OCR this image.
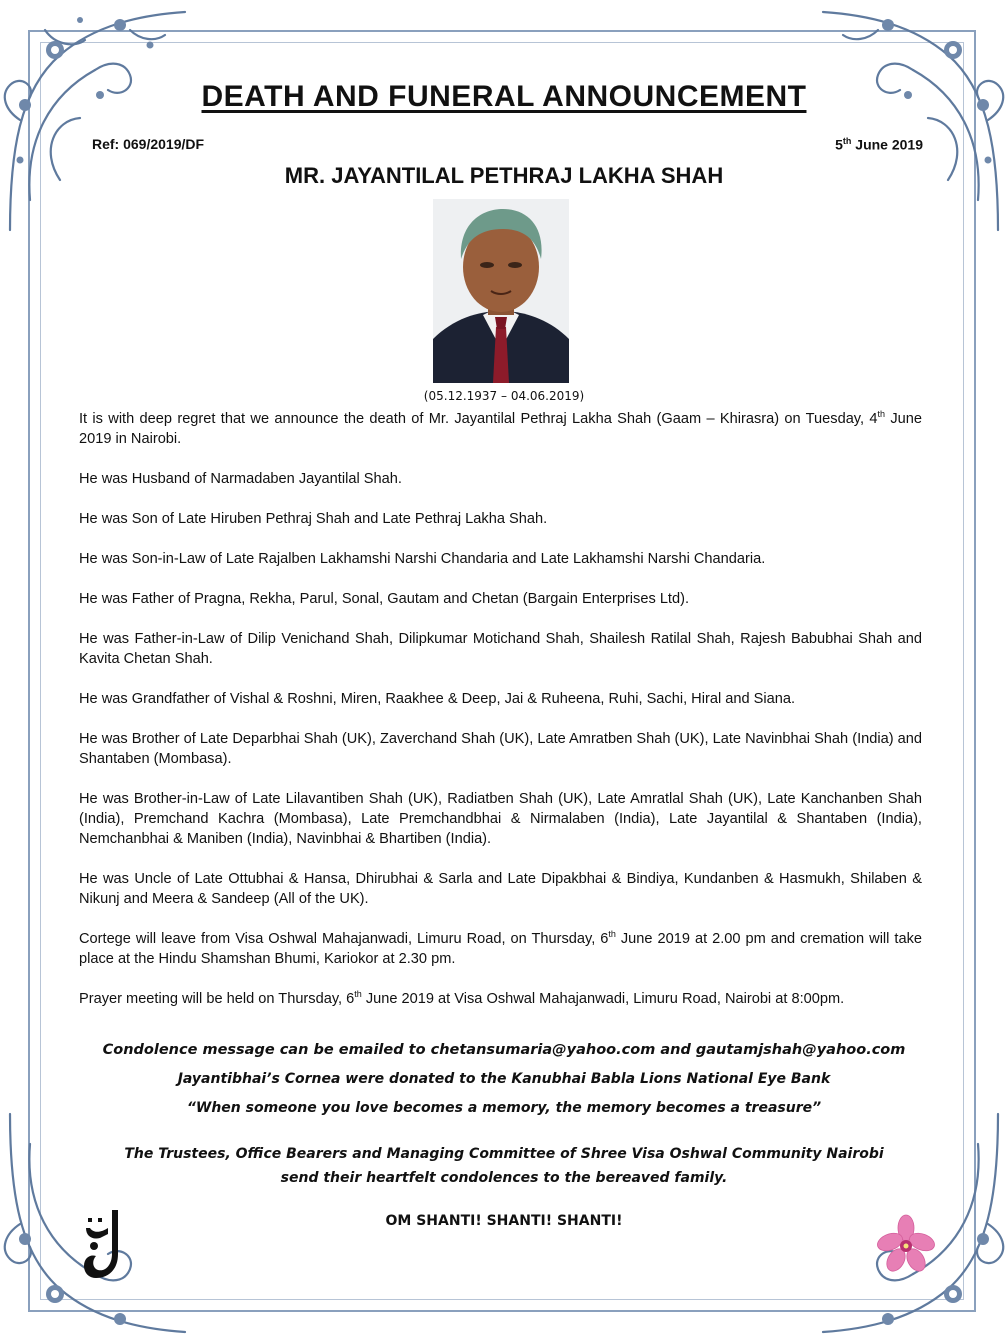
DEATH AND FUNERAL ANNOUNCEMENT
Ref: 069/2019/DF	5th June 2019
MR. JAYANTILAL PETHRAJ LAKHA SHAH
(05.12.1937 – 04.06.2019)

It is with deep regret that we announce the death of Mr. Jayantilal Pethraj Lakha Shah (Gaam – Khirasra) on Tuesday, 4th June 2019 in Nairobi.

He was Husband of Narmadaben Jayantilal Shah.

He was Son of Late Hiruben Pethraj Shah and Late Pethraj Lakha Shah.

He was Son-in-Law of Late Rajalben Lakhamshi Narshi Chandaria and Late Lakhamshi Narshi Chandaria.

He was Father of Pragna, Rekha, Parul, Sonal, Gautam and Chetan (Bargain Enterprises Ltd).

He was Father-in-Law of Dilip Venichand Shah, Dilipkumar Motichand Shah, Shailesh Ratilal Shah, Rajesh Babubhai Shah and Kavita Chetan Shah.

He was Grandfather of Vishal & Roshni, Miren, Raakhee & Deep, Jai & Ruheena, Ruhi, Sachi, Hiral and Siana.

He was Brother of Late Deparbhai Shah (UK), Zaverchand Shah (UK), Late Amratben Shah (UK), Late Navinbhai Shah (India) and Shantaben (Mombasa).

He was Brother-in-Law of Late Lilavantiben Shah (UK), Radiatben Shah (UK), Late Amratlal Shah (UK), Late Kanchanben Shah (India), Premchand Kachra (Mombasa), Late Premchandbhai & Nirmalaben (India), Late Jayantilal & Shantaben (India), Nemchanbhai & Maniben (India), Navinbhai & Bhartiben (India).

He was Uncle of Late Ottubhai & Hansa, Dhirubhai & Sarla and Late Dipakbhai & Bindiya, Kundanben & Hasmukh, Shilaben & Nikunj and Meera & Sandeep (All of the UK).

Cortege will leave from Visa Oshwal Mahajanwadi, Limuru Road, on Thursday, 6th June 2019 at 2.00 pm and cremation will take place at the Hindu Shamshan Bhumi, Kariokor at 2.30 pm.

Prayer meeting will be held on Thursday, 6th June 2019 at Visa Oshwal Mahajanwadi, Limuru Road, Nairobi at 8:00pm.

Condolence message can be emailed to chetansumaria@yahoo.com and gautamjshah@yahoo.com
Jayantibhai’s Cornea were donated to the Kanubhai Babla Lions National Eye Bank
“When someone you love becomes a memory, the memory becomes a treasure”
The Trustees, Office Bearers and Managing Committee of Shree Visa Oshwal Community Nairobi
send their heartfelt condolences to the bereaved family.
OM SHANTI! SHANTI! SHANTI!
